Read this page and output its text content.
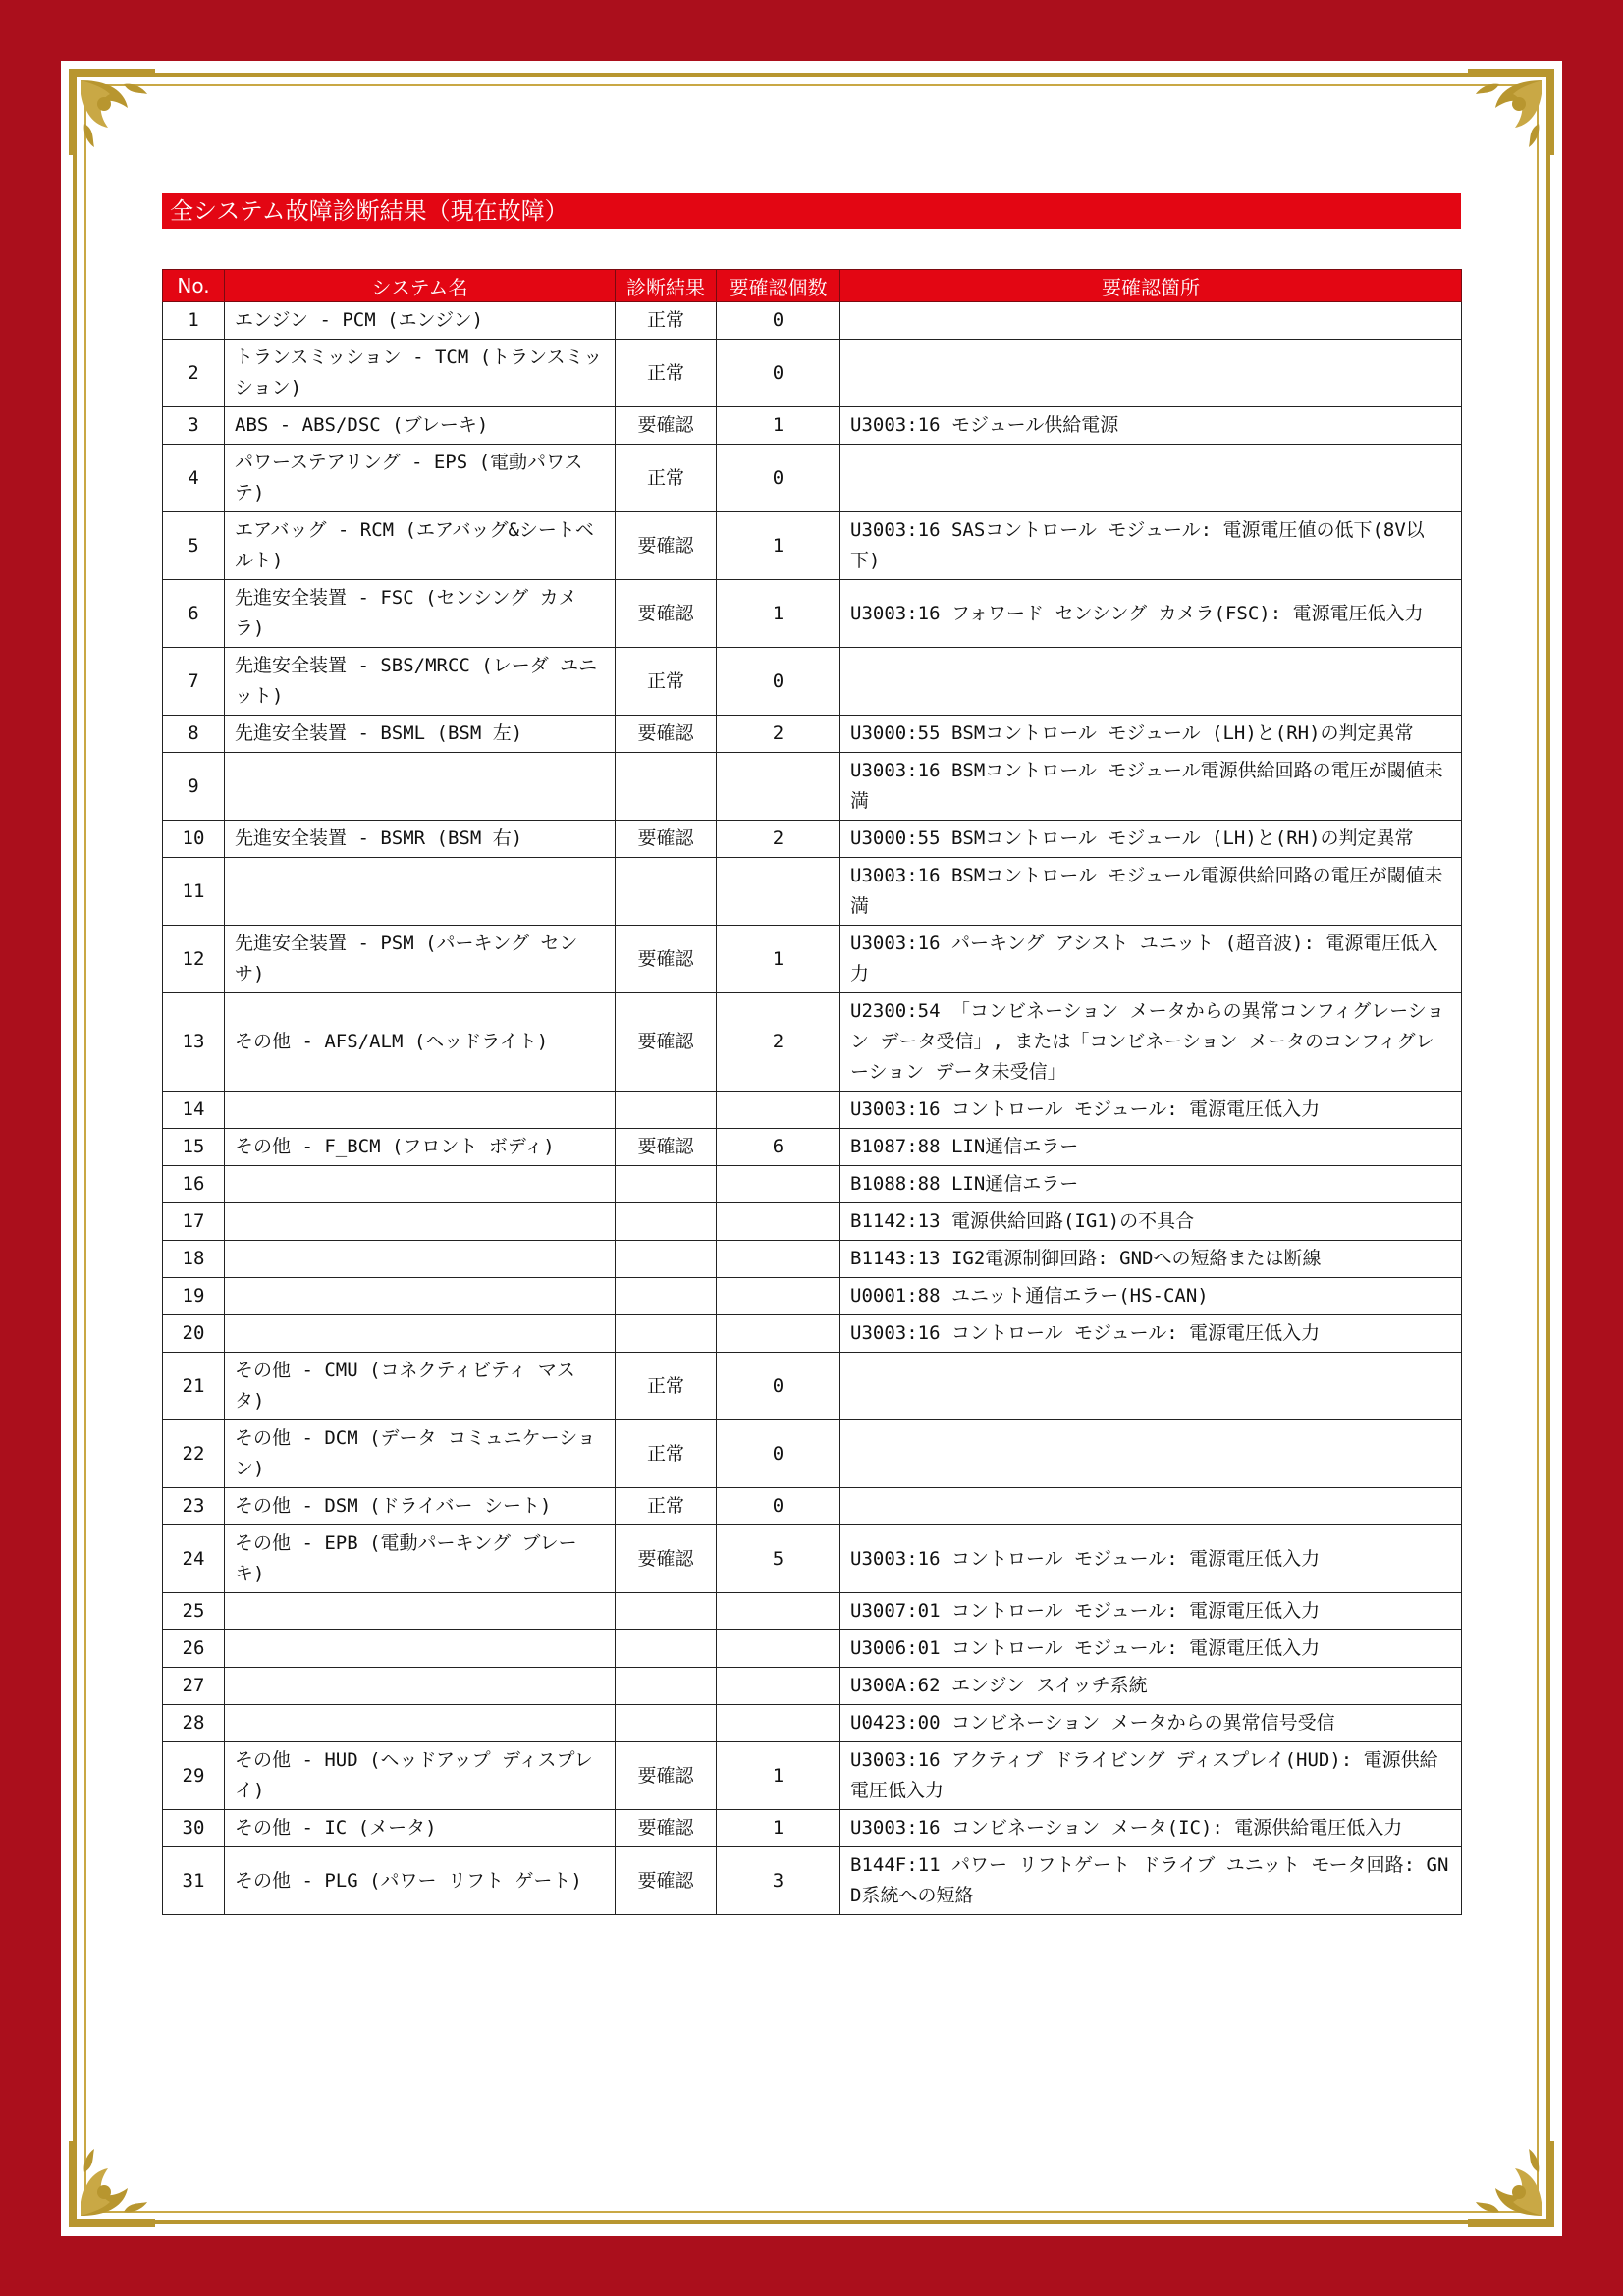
全システム故障診断結果（現在故障）
No.	システム名	診断結果	要確認個数	要確認箇所
1	エンジン - PCM (エンジン)	正常	0	
2	トランスミッション - TCM (トランスミッション)	正常	0	
3	ABS - ABS/DSC (ブレーキ)	要確認	1	U3003:16 モジュール供給電源
4	パワーステアリング - EPS (電動パワステ)	正常	0	
5	エアバッグ - RCM (エアバッグ&シートベルト)	要確認	1	U3003:16 SASコントロール モジュール: 電源電圧値の低下(8V以下)
6	先進安全装置 - FSC (センシング カメラ)	要確認	1	U3003:16 フォワード センシング カメラ(FSC): 電源電圧低入力
7	先進安全装置 - SBS/MRCC (レーダ ユニット)	正常	0	
8	先進安全装置 - BSML (BSM 左)	要確認	2	U3000:55 BSMコントロール モジュール (LH)と(RH)の判定異常
9				U3003:16 BSMコントロール モジュール電源供給回路の電圧が閾値未満
10	先進安全装置 - BSMR (BSM 右)	要確認	2	U3000:55 BSMコントロール モジュール (LH)と(RH)の判定異常
11				U3003:16 BSMコントロール モジュール電源供給回路の電圧が閾値未満
12	先進安全装置 - PSM (パーキング センサ)	要確認	1	U3003:16 パーキング アシスト ユニット (超音波): 電源電圧低入力
13	その他 - AFS/ALM (ヘッドライト)	要確認	2	U2300:54 「コンビネーション メータからの異常コンフィグレーション データ受信」, または「コンビネーション メータのコンフィグレーション データ未受信」
14				U3003:16 コントロール モジュール: 電源電圧低入力
15	その他 - F_BCM (フロント ボディ)	要確認	6	B1087:88 LIN通信エラー
16				B1088:88 LIN通信エラー
17				B1142:13 電源供給回路(IG1)の不具合
18				B1143:13 IG2電源制御回路: GNDへの短絡または断線
19				U0001:88 ユニット通信エラー(HS-CAN)
20				U3003:16 コントロール モジュール: 電源電圧低入力
21	その他 - CMU (コネクティビティ マスタ)	正常	0	
22	その他 - DCM (データ コミュニケーション)	正常	0	
23	その他 - DSM (ドライバー シート)	正常	0	
24	その他 - EPB (電動パーキング ブレーキ)	要確認	5	U3003:16 コントロール モジュール: 電源電圧低入力
25				U3007:01 コントロール モジュール: 電源電圧低入力
26				U3006:01 コントロール モジュール: 電源電圧低入力
27				U300A:62 エンジン スイッチ系統
28				U0423:00 コンビネーション メータからの異常信号受信
29	その他 - HUD (ヘッドアップ ディスプレイ)	要確認	1	U3003:16 アクティブ ドライビング ディスプレイ(HUD): 電源供給電圧低入力
30	その他 - IC (メータ)	要確認	1	U3003:16 コンビネーション メータ(IC): 電源供給電圧低入力
31	その他 - PLG (パワー リフト ゲート)	要確認	3	B144F:11 パワー リフトゲート ドライブ ユニット モータ回路: GND系統への短絡
